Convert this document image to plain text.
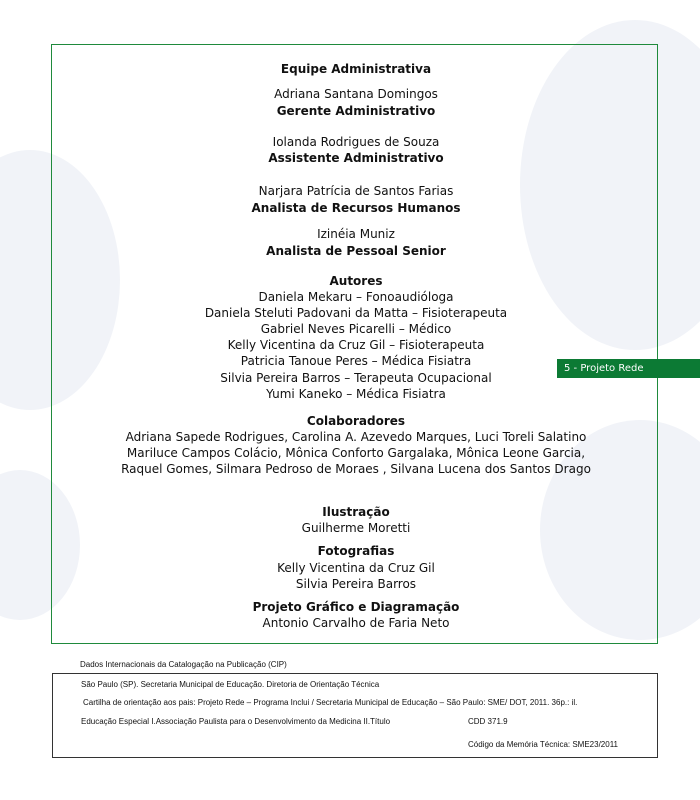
5 - Projeto Rede
Equipe Administrativa
Adriana Santana Domingos
Gerente Administrativo
Iolanda Rodrigues de Souza
Assistente Administrativo
Narjara Patrícia de Santos Farias
Analista de Recursos Humanos
Izinéia Muniz
Analista de Pessoal Senior
Autores
Daniela Mekaru – Fonoaudióloga
Daniela Steluti Padovani da Matta – Fisioterapeuta
Gabriel Neves Picarelli – Médico
Kelly Vicentina da Cruz Gil – Fisioterapeuta
Patricia Tanoue Peres – Médica Fisiatra
Silvia Pereira Barros – Terapeuta Ocupacional
Yumi Kaneko – Médica Fisiatra
Colaboradores
Adriana Sapede Rodrigues, Carolina A. Azevedo Marques, Luci Toreli Salatino
Mariluce Campos Colácio, Mônica Conforto Gargalaka, Mônica Leone Garcia,
Raquel Gomes, Silmara Pedroso de Moraes , Silvana Lucena dos Santos Drago
Ilustração
Guilherme Moretti
Fotografias
Kelly Vicentina da Cruz Gil
Silvia Pereira Barros
Projeto Gráfico e Diagramação
Antonio Carvalho de Faria Neto
Dados Internacionais da Catalogação na Publicação (CIP)
São Paulo (SP). Secretaria Municipal de Educação. Diretoria de Orientação Técnica
Cartilha de orientação aos pais: Projeto Rede – Programa Inclui / Secretaria Municipal de Educação – São Paulo: SME/ DOT, 2011. 36p.: il.
Educação Especial I.Associação Paulista para o Desenvolvimento da Medicina II.Título	CDD 371.9
Código da Memória Técnica: SME23/2011
